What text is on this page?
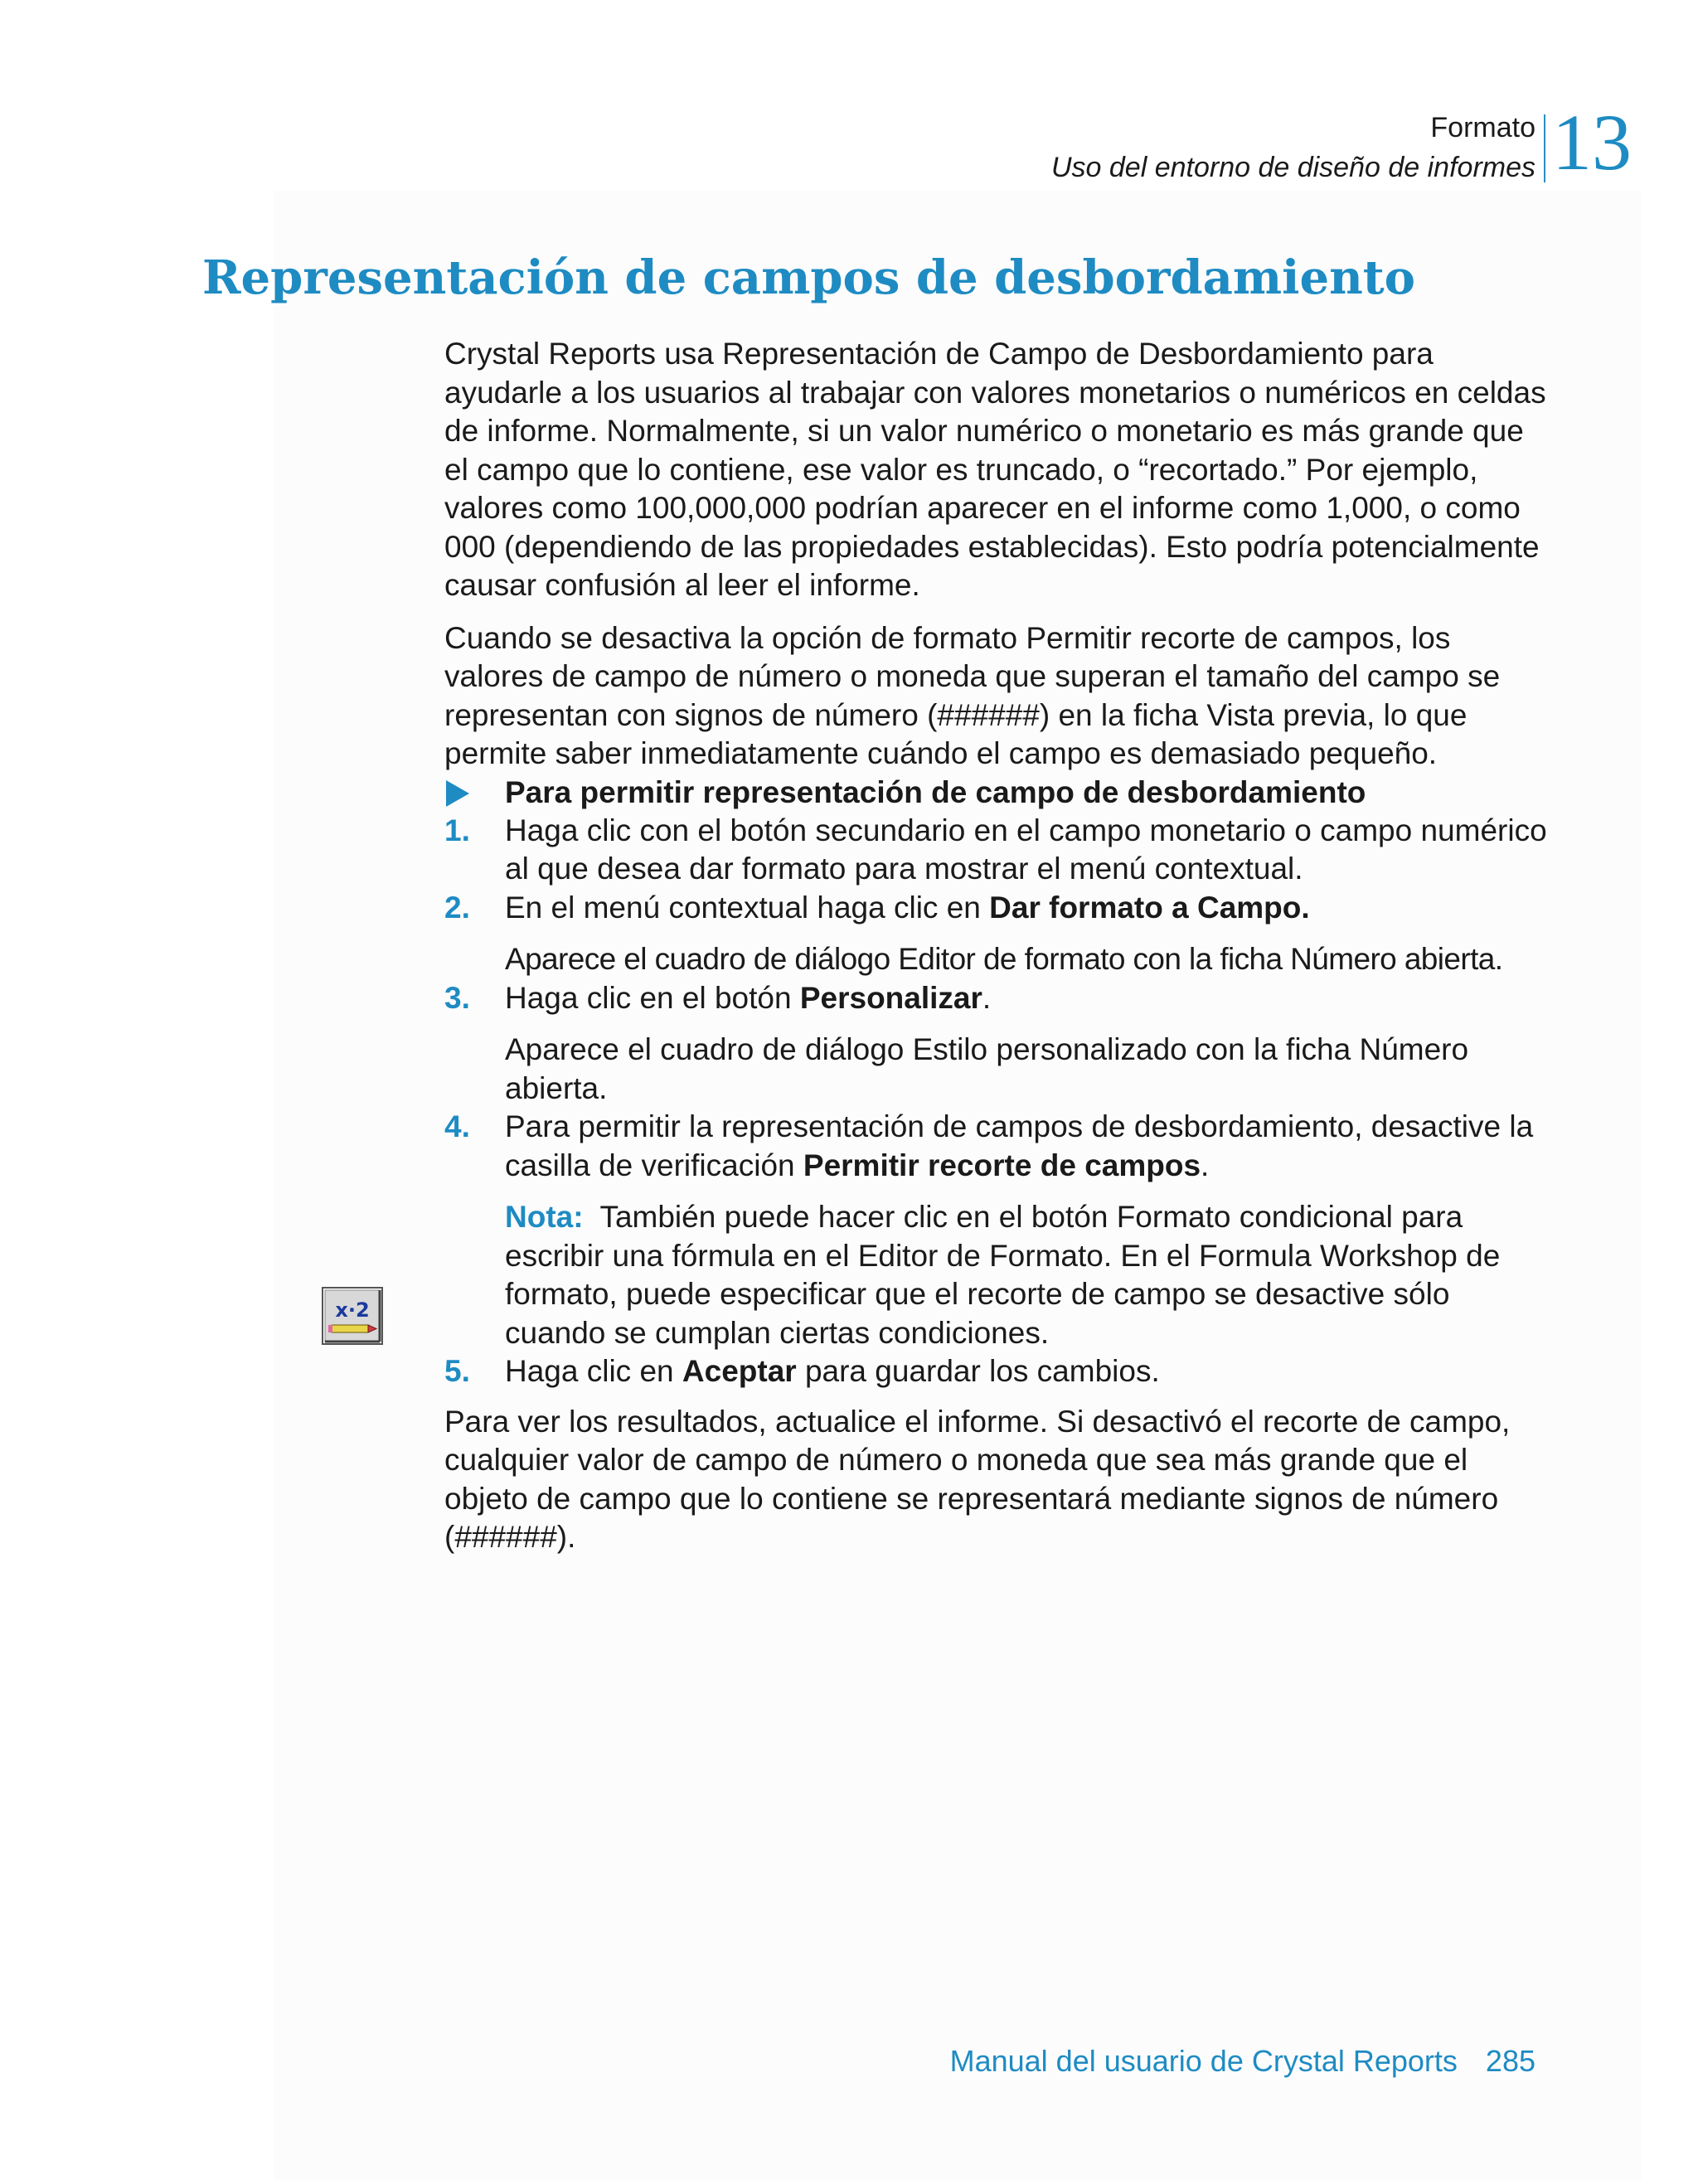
Formato
Uso del entorno de diseño de informes 13
Representación de campos de desbordamiento
x·2

Crystal Reports usa Representación de Campo de Desbordamiento para ayudarle a los usuarios al trabajar con valores monetarios o numéricos en celdas de informe. Normalmente, si un valor numérico o monetario es más grande que el campo que lo contiene, ese valor es truncado, o “recortado.” Por ejemplo, valores como 100,000,000 podrían aparecer en el informe como 1,000, o como 000 (dependiendo de las propiedades establecidas). Esto podría potencialmente causar confusión al leer el informe.

Cuando se desactiva la opción de formato Permitir recorte de campos, los valores de campo de número o moneda que superan el tamaño del campo se representan con signos de número (######) en la ficha Vista previa, lo que permite saber inmediatamente cuándo el campo es demasiado pequeño.

Para permitir representación de campo de desbordamiento

1. Haga clic con el botón secundario en el campo monetario o campo numérico al que desea dar formato para mostrar el menú contextual.

2. En el menú contextual haga clic en Dar formato a Campo.

Aparece el cuadro de diálogo Editor de formato con la ficha Número abierta.

3. Haga clic en el botón Personalizar.

Aparece el cuadro de diálogo Estilo personalizado con la ficha Número abierta.

4. Para permitir la representación de campos de desbordamiento, desactive la casilla de verificación Permitir recorte de campos.

Nota: También puede hacer clic en el botón Formato condicional para escribir una fórmula en el Editor de Formato. En el Formula Workshop de formato, puede especificar que el recorte de campo se desactive sólo cuando se cumplan ciertas condiciones.

5. Haga clic en Aceptar para guardar los cambios.

Para ver los resultados, actualice el informe. Si desactivó el recorte de campo, cualquier valor de campo de número o moneda que sea más grande que el objeto de campo que lo contiene se representará mediante signos de número (######).

Manual del usuario de Crystal Reports 285
